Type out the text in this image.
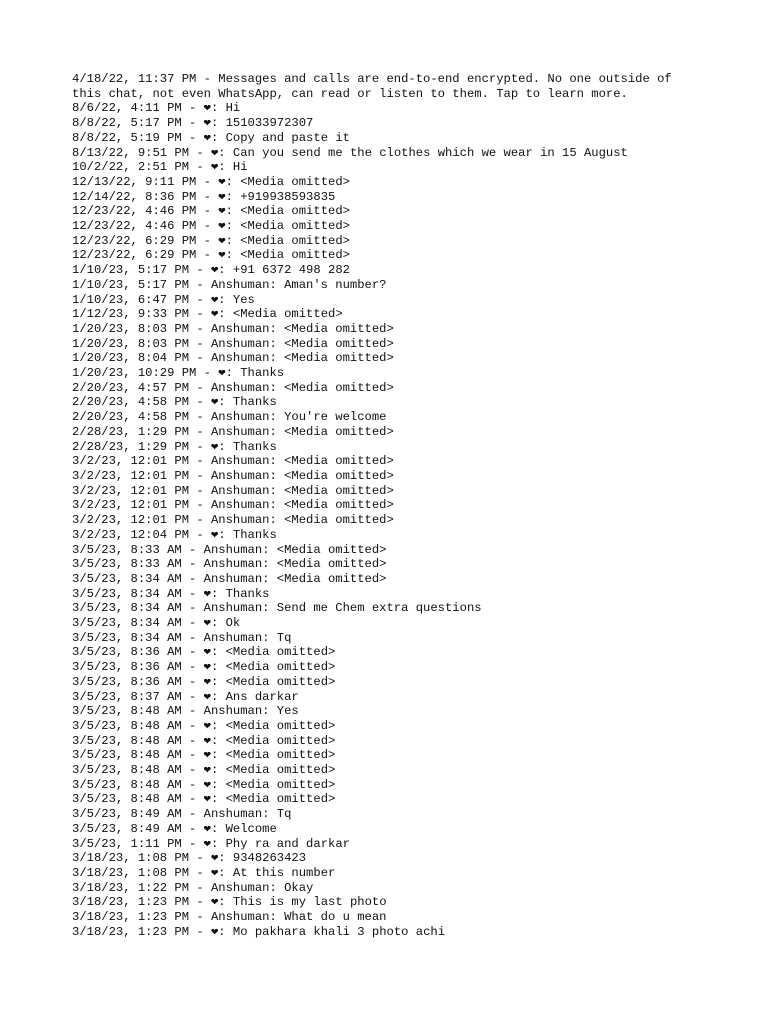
4/18/22, 11:37 PM - Messages and calls are end-to-end encrypted. No one outside of
this chat, not even WhatsApp, can read or listen to them. Tap to learn more.
8/6/22, 4:11 PM - ❤: Hi
8/8/22, 5:17 PM - ❤: 151033972307
8/8/22, 5:19 PM - ❤: Copy and paste it
8/13/22, 9:51 PM - ❤: Can you send me the clothes which we wear in 15 August
10/2/22, 2:51 PM - ❤: Hi
12/13/22, 9:11 PM - ❤: <Media omitted>
12/14/22, 8:36 PM - ❤: +919938593835
12/23/22, 4:46 PM - ❤: <Media omitted>
12/23/22, 4:46 PM - ❤: <Media omitted>
12/23/22, 6:29 PM - ❤: <Media omitted>
12/23/22, 6:29 PM - ❤: <Media omitted>
1/10/23, 5:17 PM - ❤: +91 6372 498 282
1/10/23, 5:17 PM - Anshuman: Aman's number?
1/10/23, 6:47 PM - ❤: Yes
1/12/23, 9:33 PM - ❤: <Media omitted>
1/20/23, 8:03 PM - Anshuman: <Media omitted>
1/20/23, 8:03 PM - Anshuman: <Media omitted>
1/20/23, 8:04 PM - Anshuman: <Media omitted>
1/20/23, 10:29 PM - ❤: Thanks
2/20/23, 4:57 PM - Anshuman: <Media omitted>
2/20/23, 4:58 PM - ❤: Thanks
2/20/23, 4:58 PM - Anshuman: You're welcome
2/28/23, 1:29 PM - Anshuman: <Media omitted>
2/28/23, 1:29 PM - ❤: Thanks
3/2/23, 12:01 PM - Anshuman: <Media omitted>
3/2/23, 12:01 PM - Anshuman: <Media omitted>
3/2/23, 12:01 PM - Anshuman: <Media omitted>
3/2/23, 12:01 PM - Anshuman: <Media omitted>
3/2/23, 12:01 PM - Anshuman: <Media omitted>
3/2/23, 12:04 PM - ❤: Thanks
3/5/23, 8:33 AM - Anshuman: <Media omitted>
3/5/23, 8:33 AM - Anshuman: <Media omitted>
3/5/23, 8:34 AM - Anshuman: <Media omitted>
3/5/23, 8:34 AM - ❤: Thanks
3/5/23, 8:34 AM - Anshuman: Send me Chem extra questions
3/5/23, 8:34 AM - ❤: Ok
3/5/23, 8:34 AM - Anshuman: Tq
3/5/23, 8:36 AM - ❤: <Media omitted>
3/5/23, 8:36 AM - ❤: <Media omitted>
3/5/23, 8:36 AM - ❤: <Media omitted>
3/5/23, 8:37 AM - ❤: Ans darkar
3/5/23, 8:48 AM - Anshuman: Yes
3/5/23, 8:48 AM - ❤: <Media omitted>
3/5/23, 8:48 AM - ❤: <Media omitted>
3/5/23, 8:48 AM - ❤: <Media omitted>
3/5/23, 8:48 AM - ❤: <Media omitted>
3/5/23, 8:48 AM - ❤: <Media omitted>
3/5/23, 8:48 AM - ❤: <Media omitted>
3/5/23, 8:49 AM - Anshuman: Tq
3/5/23, 8:49 AM - ❤: Welcome
3/5/23, 1:11 PM - ❤: Phy ra and darkar
3/18/23, 1:08 PM - ❤: 9348263423
3/18/23, 1:08 PM - ❤: At this number
3/18/23, 1:22 PM - Anshuman: Okay
3/18/23, 1:23 PM - ❤: This is my last photo
3/18/23, 1:23 PM - Anshuman: What do u mean
3/18/23, 1:23 PM - ❤: Mo pakhara khali 3 photo achi
